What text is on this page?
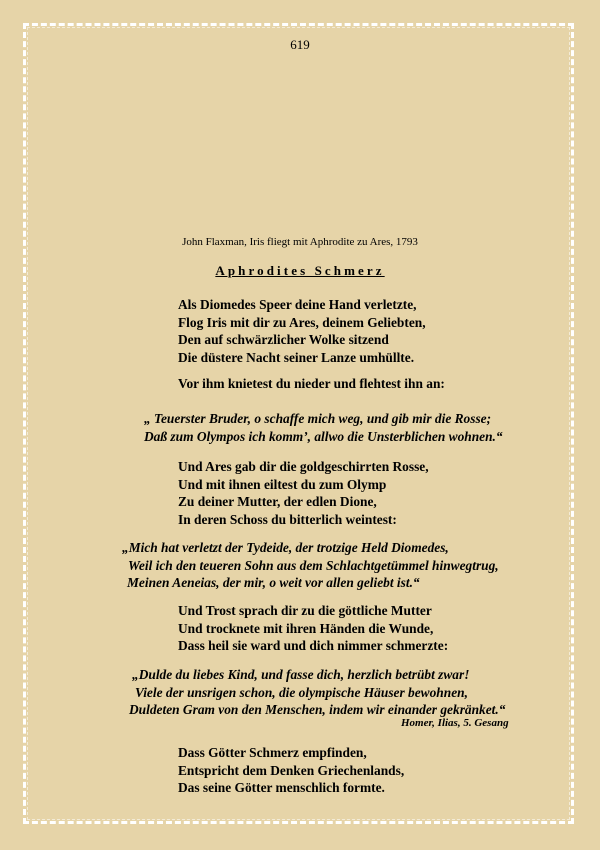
619
John Flaxman, Iris fliegt mit Aphrodite zu Ares, 1793
Aphrodites Schmerz
Als Diomedes Speer deine Hand verletzte,
Flog Iris mit dir zu Ares, deinem Geliebten,
Den auf schwärzlicher Wolke sitzend
Die düstere Nacht seiner Lanze umhüllte.
Vor ihm knietest du nieder und flehtest ihn an:
„ Teuerster Bruder, o schaffe mich weg, und gib mir die Rosse;
Daß zum Olympos ich komm’, allwo die Unsterblichen wohnen.“
Und Ares gab dir die goldgeschirrten Rosse,
Und mit ihnen eiltest du zum Olymp
Zu deiner Mutter, der edlen Dione,
In deren Schoss du bitterlich weintest:
„Mich hat verletzt der Tydeide, der trotzige Held Diomedes,
Weil ich den teueren Sohn aus dem Schlachtgetümmel hinwegtrug,
Meinen Aeneias, der mir, o weit vor allen geliebt ist.“
Und Trost sprach dir zu die göttliche Mutter
Und trocknete mit ihren Händen die Wunde,
Dass heil sie ward und dich nimmer schmerzte:
„Dulde du liebes Kind, und fasse dich, herzlich betrübt zwar!
Viele der unsrigen schon, die olympische Häuser bewohnen,
Duldeten Gram von den Menschen, indem wir einander gekränket.“
Homer, Ilias, 5. Gesang
Dass Götter Schmerz empfinden,
Entspricht dem Denken Griechenlands,
Das seine Götter menschlich formte.
